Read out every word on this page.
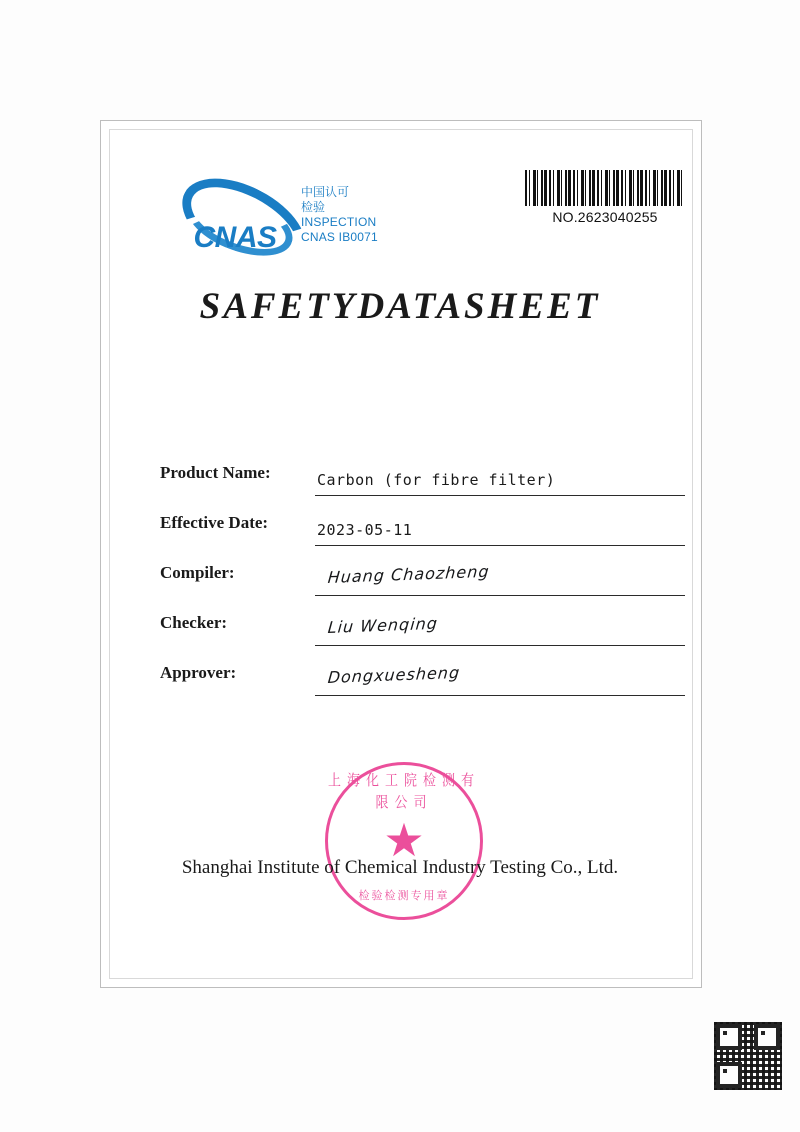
CNAS
中国认可
检验
INSPECTION
CNAS IB0071
NO.2623040255
SAFETYDATASHEET
Product Name:	Carbon (for fibre filter)
Effective Date:	2023-05-11
Compiler:	Huang Chaozheng
Checker:	Liu Wenqing
Approver:	Dongxuesheng
上海化工院检测有限公司
★
检验检测专用章
Shanghai Institute of Chemical Industry Testing Co., Ltd.
